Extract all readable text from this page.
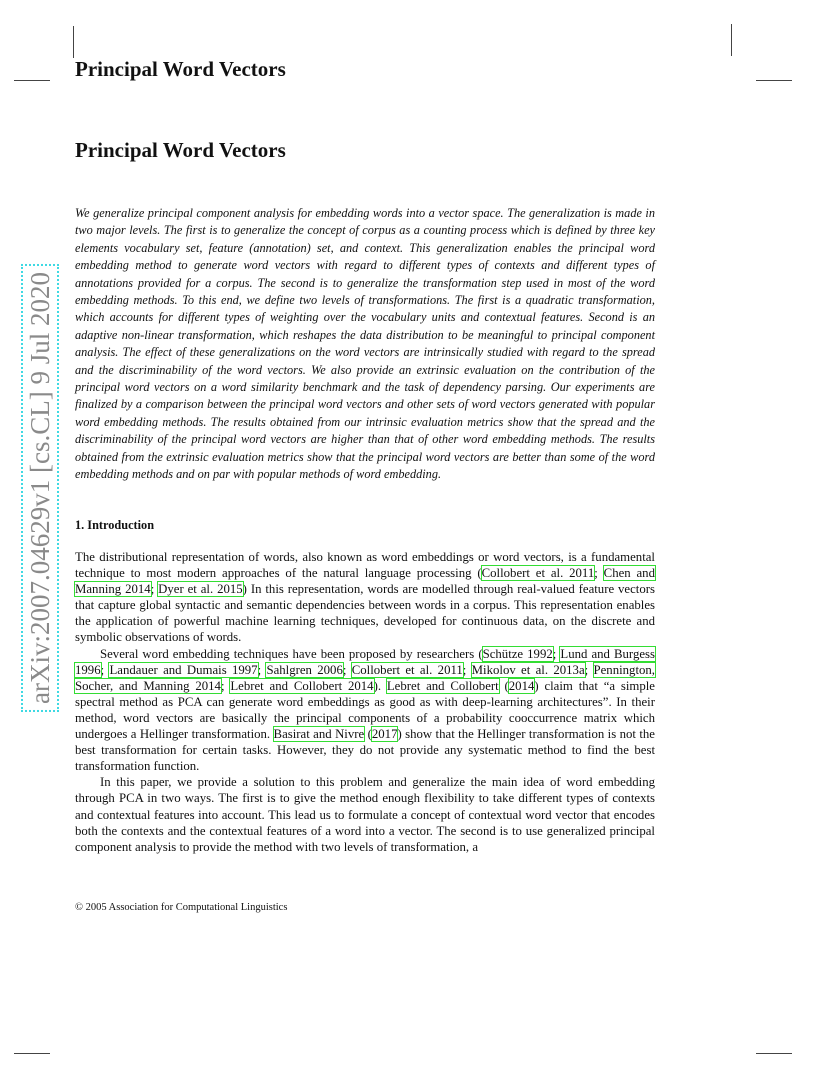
arXiv:2007.04629v1 [cs.CL] 9 Jul 2020
Principal Word Vectors
Principal Word Vectors

We generalize principal component analysis for embedding words into a vector space. The generalization is made in two major levels. The first is to generalize the concept of corpus as a counting process which is defined by three key elements vocabulary set, feature (annotation) set, and context. This generalization enables the principal word embedding method to generate word vectors with regard to different types of contexts and different types of annotations provided for a corpus. The second is to generalize the transformation step used in most of the word embedding methods. To this end, we define two levels of transformations. The first is a quadratic transformation, which accounts for different types of weighting over the vocabulary units and contextual features. Second is an adaptive non-linear transformation, which reshapes the data distribution to be meaningful to principal component analysis. The effect of these generalizations on the word vectors are intrinsically studied with regard to the spread and the discriminability of the word vectors. We also provide an extrinsic evaluation on the contribution of the principal word vectors on a word similarity benchmark and the task of dependency parsing. Our experiments are finalized by a comparison between the principal word vectors and other sets of word vectors generated with popular word embedding methods. The results obtained from our intrinsic evaluation metrics show that the spread and the discriminability of the principal word vectors are higher than that of other word embedding methods. The results obtained from the extrinsic evaluation metrics show that the principal word vectors are better than some of the word embedding methods and on par with popular methods of word embedding.

1. Introduction

The distributional representation of words, also known as word embeddings or word vectors, is a fundamental technique to most modern approaches of the natural language processing (Collobert et al. 2011; Chen and Manning 2014; Dyer et al. 2015) In this representation, words are modelled through real-valued feature vectors that capture global syntactic and semantic dependencies between words in a corpus. This representation enables the application of powerful machine learning techniques, developed for continuous data, on the discrete and symbolic observations of words.

Several word embedding techniques have been proposed by researchers (Schütze 1992; Lund and Burgess 1996; Landauer and Dumais 1997; Sahlgren 2006; Collobert et al. 2011; Mikolov et al. 2013a; Pennington, Socher, and Manning 2014; Lebret and Collobert 2014). Lebret and Collobert (2014) claim that “a simple spectral method as PCA can generate word embeddings as good as with deep-learning architectures”. In their method, word vectors are basically the principal components of a probability cooccurrence matrix which undergoes a Hellinger transformation. Basirat and Nivre (2017) show that the Hellinger transformation is not the best transformation for certain tasks. However, they do not provide any systematic method to find the best transformation function.

In this paper, we provide a solution to this problem and generalize the main idea of word embedding through PCA in two ways. The first is to give the method enough flexibility to take different types of contexts and contextual features into account. This lead us to formulate a concept of contextual word vector that encodes both the contexts and the contextual features of a word into a vector. The second is to use generalized principal component analysis to provide the method with two levels of transformation, a

© 2005 Association for Computational Linguistics
